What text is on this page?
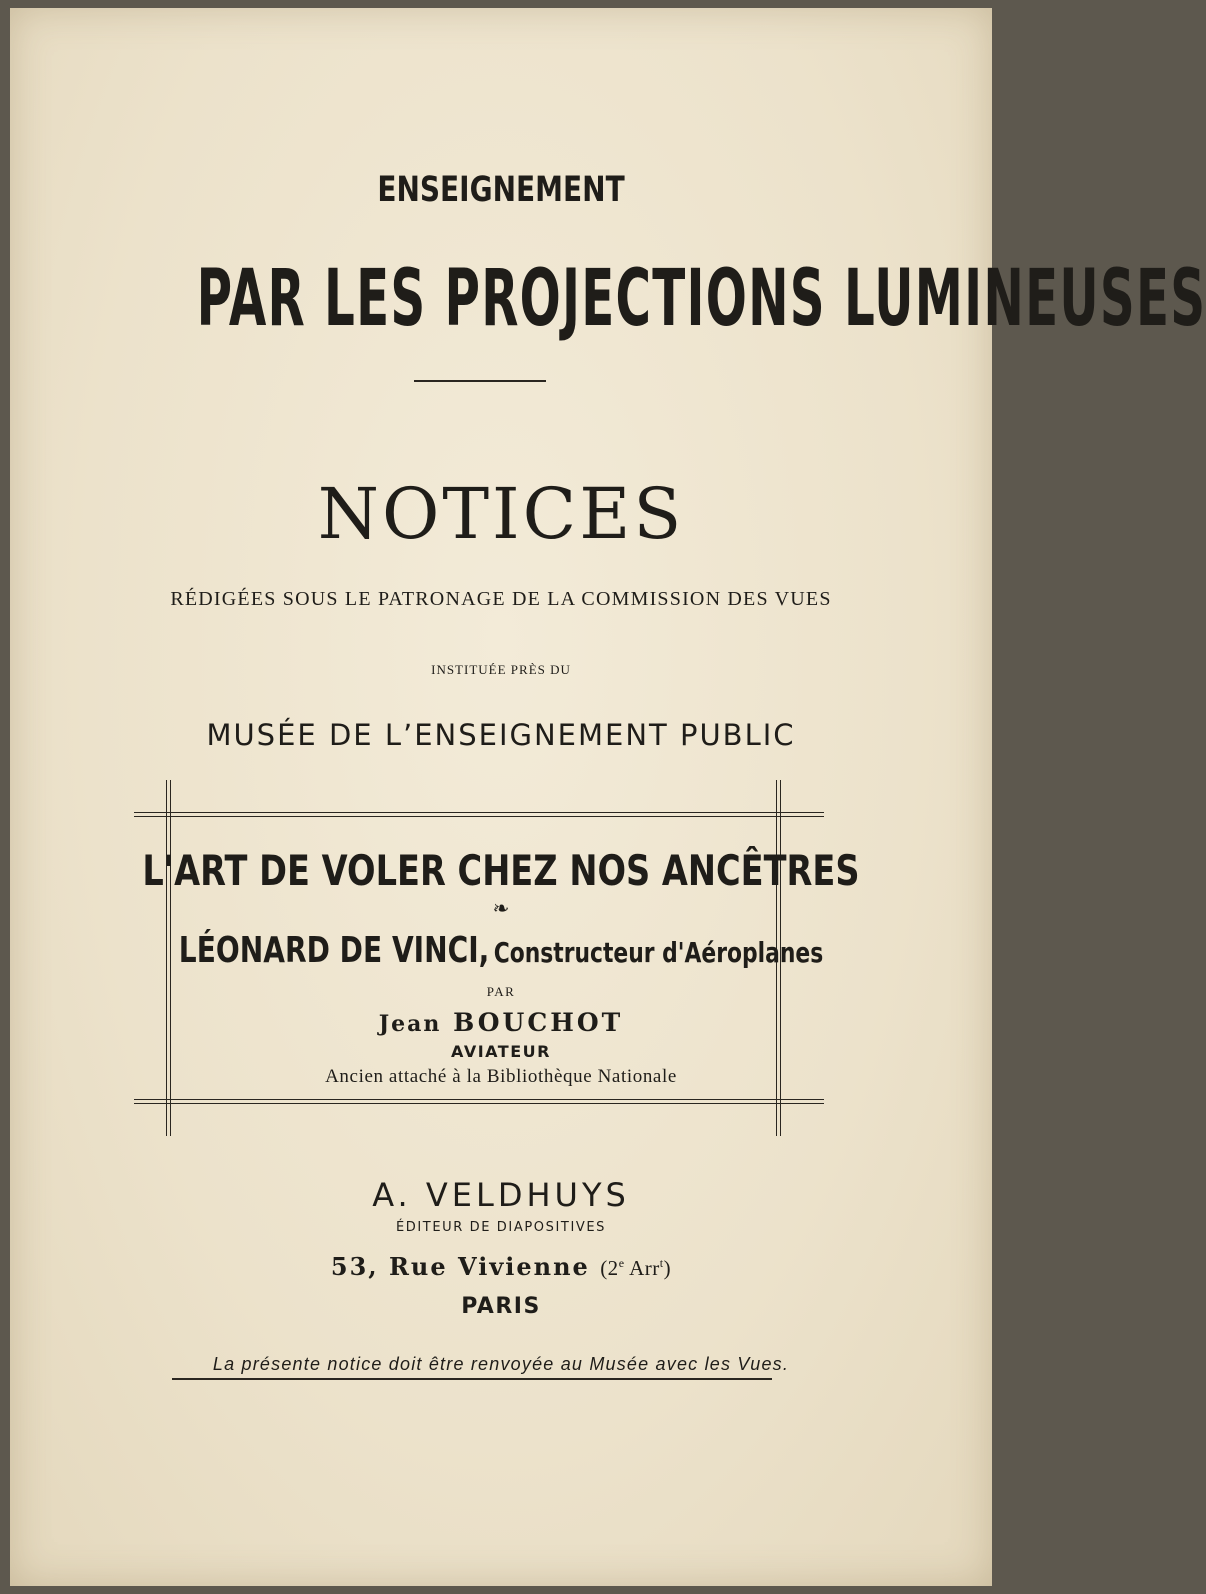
ENSEIGNEMENT
PAR LES PROJECTIONS LUMINEUSES
NOTICES
RÉDIGÉES SOUS LE PATRONAGE DE LA COMMISSION DES VUES
INSTITUÉE PRÈS DU
MUSÉE DE L’ENSEIGNEMENT PUBLIC
L'ART DE VOLER CHEZ NOS ANCÊTRES
❧
LÉONARD DE VINCI, Constructeur d'Aéroplanes
PAR
Jean BOUCHOT
AVIATEUR
Ancien attaché à la Bibliothèque Nationale
A. VELDHUYS
ÉDITEUR DE DIAPOSITIVES
53, Rue Vivienne (2e Arr$^t$)
PARIS
La présente notice doit être renvoyée au Musée avec les Vues.
